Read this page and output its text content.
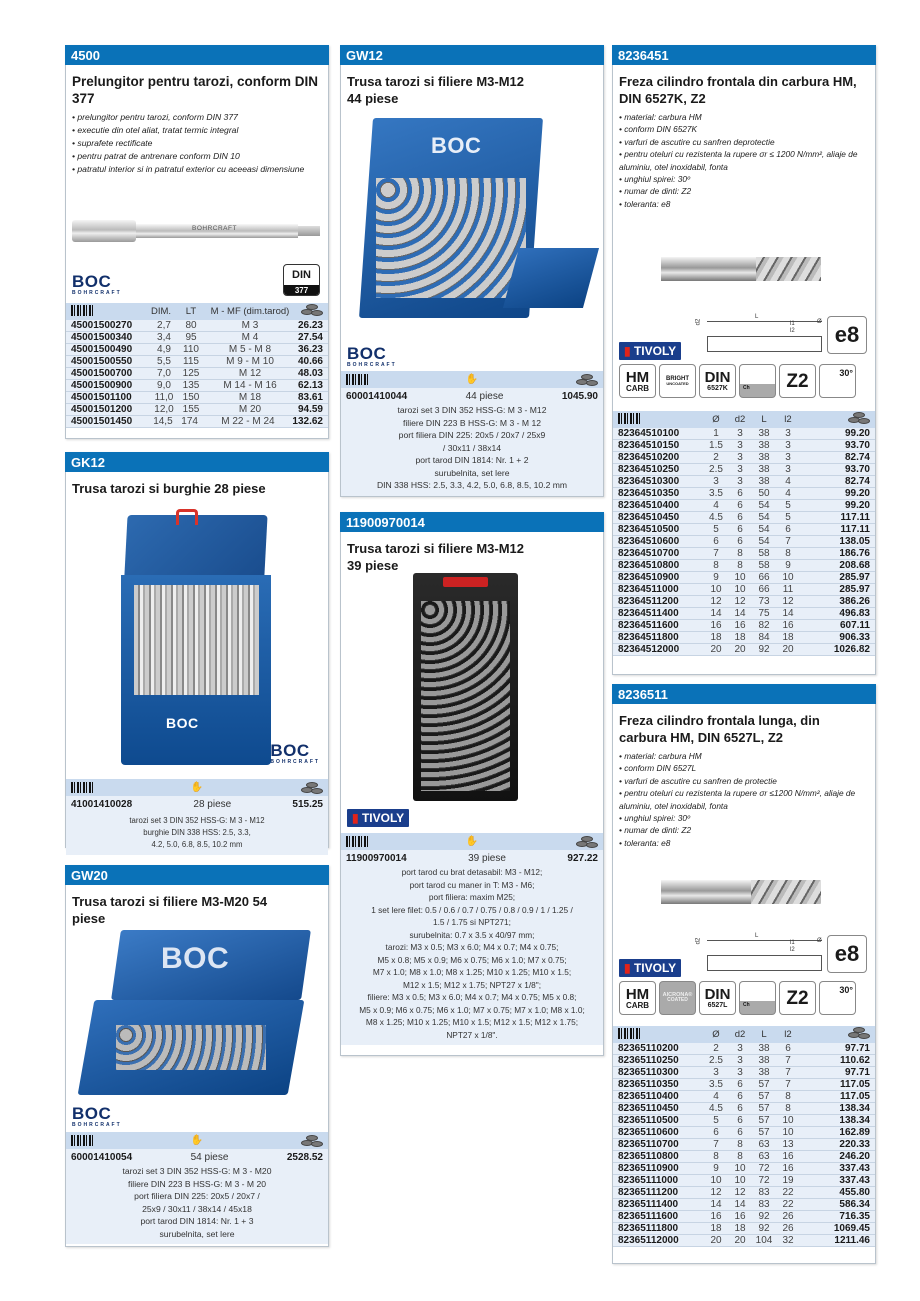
4500
Prelungitor pentru tarozi, conform DIN 377
• prelungitor pentru tarozi, conform DIN 377
• executie din otel aliat, tratat termic integral
• suprafete rectificate
• pentru patrat de antrenare conform DIN 10
• patratul interior si in patratul exterior cu aceeasi dimensiune
BOHRCRAFT
BOC
BOHRCRAFT
DIN
377
DIM.	LT	M - MF (dim.tarod)
45001500270	2,7	80	M 3	26.23
45001500340	3,4	95	M 4	27.54
45001500490	4,9	110	M 5 - M 8	36.23
45001500550	5,5	115	M 9 - M 10	40.66
45001500700	7,0	125	M 12	48.03
45001500900	9,0	135	M 14 - M 16	62.13
45001501100	11,0 150	M 18	83.61
45001501200	12,0 155	M 20	94.59
45001501450	14,5 174	M 22 - M 24	132.62
GK12
Trusa tarozi si burghie 28 piese
BOC
BOC
BOHRCRAFT
✋
41001410028	28 piese	515.25
tarozi set 3 DIN 352 HSS-G: M 3 - M12
burghie DIN 338 HSS: 2.5, 3.3,
4.2, 5.0, 6.8, 8.5, 10.2 mm
GW20
Trusa tarozi si filiere M3-M20 54 piese
BOC
BOC
BOHRCRAFT
✋
60001410054	54 piese	2528.52
tarozi set 3 DIN 352 HSS-G: M 3 - M20
filiere DIN 223 B HSS-G: M 3 - M 20
port filiera DIN 225: 20x5 / 20x7 /
25x9 / 30x11 / 38x14 / 45x18
port tarod DIN 1814: Nr. 1 + 3
surubelnita, set lere
GW12
Trusa tarozi si filiere M3-M12 44 piese
BOC
BOC
BOHRCRAFT
✋
60001410044	44 piese	1045.90
tarozi set 3 DIN 352 HSS-G: M 3 - M12
filiere DIN 223 B HSS-G: M 3 - M 12
port filiera DIN 225: 20x5 / 20x7 / 25x9
/ 30x11 / 38x14
port tarod DIN 1814: Nr. 1 + 2
surubelnita, set lere
DIN 338 HSS: 2.5, 3.3, 4.2, 5.0, 6.8, 8.5, 10.2 mm
11900970014
Trusa tarozi si filiere M3-M12 39 piese
▮ TIVOLY
✋
11900970014	39 piese	927.22
port tarod cu brat detasabil: M3 - M12;
port tarod cu maner in T: M3 - M6;
port filiera: maxim M25;
1 set lere filet: 0.5 / 0.6 / 0.7 / 0.75 / 0.8 / 0.9 / 1 / 1.25 /
1.5 / 1.75 si NPT271;
surubelnita: 0.7 x 3.5 x 40/97 mm;
tarozi: M3 x 0.5; M3 x 6.0; M4 x 0.7; M4 x 0.75;
M5 x 0.8; M5 x 0.9; M6 x 0.75; M6 x 1.0; M7 x 0.75;
M7 x 1.0; M8 x 1.0; M8 x 1.25; M10 x 1.25; M10 x 1.5;
M12 x 1.5; M12 x 1.75; NPT27 x 1/8";
filiere: M3 x 0.5; M3 x 6.0; M4 x 0.7; M4 x 0.75; M5 x 0.8;
M5 x 0.9; M6 x 0.75; M6 x 1.0; M7 x 0.75; M7 x 1.0; M8 x 1.0;
M8 x 1.25; M10 x 1.25; M10 x 1.5; M12 x 1.5; M12 x 1.75;
NPT27 x 1/8".
8236451
Freza cilindro frontala din carbura HM, DIN 6527K, Z2
• material: carbura HM
• conform DIN 6527K
• varfuri de ascutire cu sanfren deprotectie
• pentru oteluri cu rezistenta la rupere σr ≤ 1200 N/mm², aliaje de aluminiu, otel inoxidabil, fonta
• unghiul spirei: 30º
• numar de dinti: Z2
• toleranta: e8
L
l1
l2
d2	Ø e8
▮ TIVOLY
HM
CARB
BRIGHT
UNCOATED DIN
6527K	Ch Z2	30°
Ø	d2	L	l2
82364510100	1	3	38	3	99.20
82364510150	1.5	3	38	3	93.70
82364510200	2	3	38	3	82.74
82364510250	2.5	3	38	3	93.70
82364510300	3	3	38	4	82.74
82364510350	3.5	6	50	4	99.20
82364510400	4	6	54	5	99.20
82364510450	4.5	6	54	5	117.11
82364510500	5	6	54	6	117.11
82364510600	6	6	54	7	138.05
82364510700	7	8	58	8	186.76
82364510800	8	8	58	9	208.68
82364510900	9	10	66	10	285.97
82364511000	10	10	66	11	285.97
82364511200	12	12	73	12	386.26
82364511400	14	14	75	14	496.83
82364511600	16	16	82	16	607.11
82364511800	18	18	84	18	906.33
82364512000	20	20	92	20	1026.82
8236511
Freza cilindro frontala lunga, din carbura HM, DIN 6527L, Z2
• material: carbura HM
• conform DIN 6527L
• varfuri de ascutire cu sanfren de protectie
• pentru oteluri cu rezistenta la rupere σr ≤1200 N/mm², aliaje de aluminiu, otel inoxidabil, fonta
• unghiul spirei: 30º
• numar de dinti: Z2
• toleranta: e8
L
l1
l2
d2	Ø e8
▮ TIVOLY
HM
CARB
AICRONA®
COATED DIN
6527L	Ch Z2	30°
Ø	d2	L	l2
82365110200	2	3	38	6	97.71
82365110250	2.5	3	38	7	110.62
82365110300	3	3	38	7	97.71
82365110350	3.5	6	57	7	117.05
82365110400	4	6	57	8	117.05
82365110450	4.5	6	57	8	138.34
82365110500	5	6	57	10	138.34
82365110600	6	6	57	10	162.89
82365110700	7	8	63	13	220.33
82365110800	8	8	63	16	246.20
82365110900	9	10	72	16	337.43
82365111000	10	10	72	19	337.43
82365111200	12	12	83	22	455.80
82365111400	14	14	83	22	586.34
82365111600	16	16	92	26	716.35
82365111800	18	18	92	26	1069.45
82365112000	20	20	104	32	1211.46
